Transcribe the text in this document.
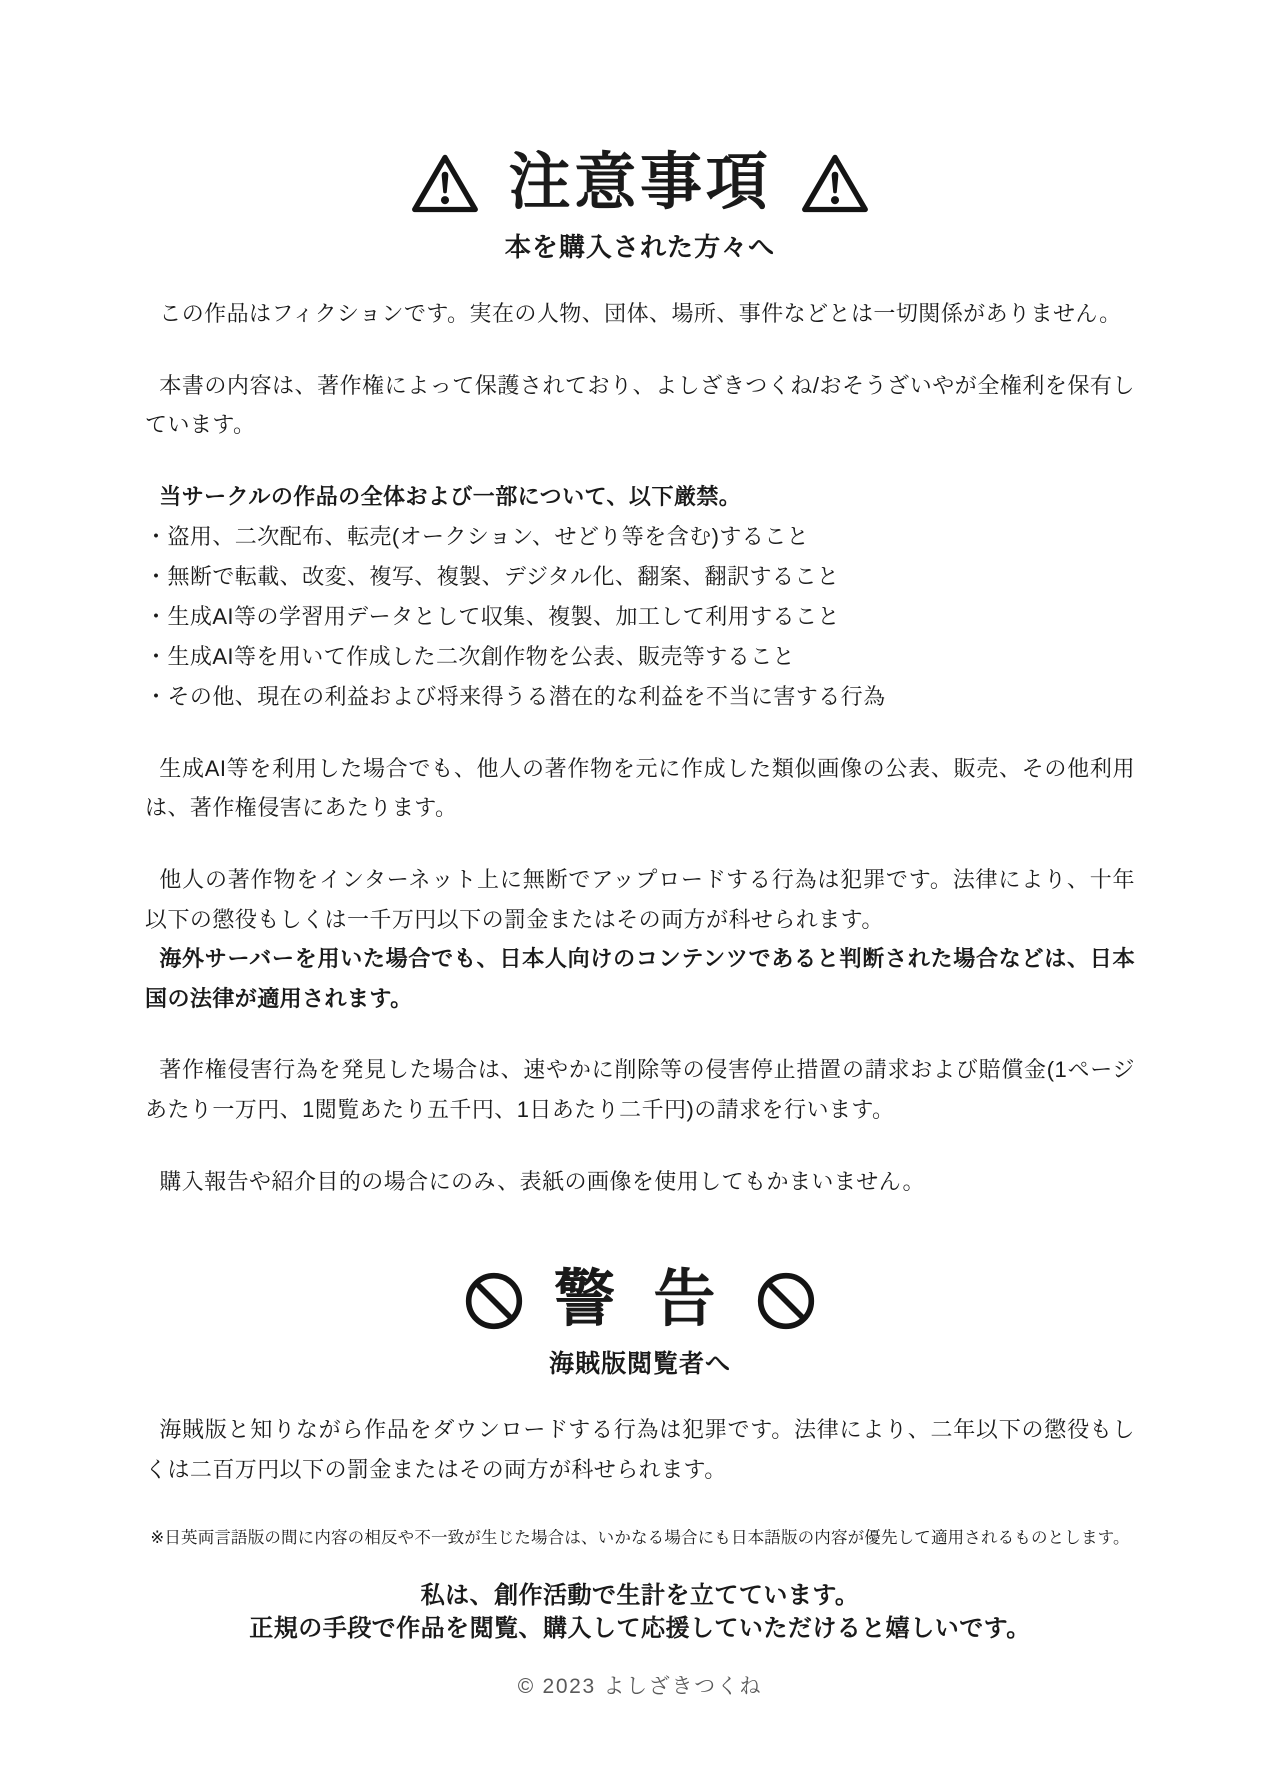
注意事項

本を購入された方々へ

この作品はフィクションです。実在の人物、団体、場所、事件などとは一切関係がありません。

本書の内容は、著作権によって保護されており、よしざきつくね/おそうざいやが全権利を保有しています。

当サークルの作品の全体および一部について、以下厳禁。

・盗用、二次配布、転売(オークション、せどり等を含む)すること
・無断で転載、改変、複写、複製、デジタル化、翻案、翻訳すること
・生成AI等の学習用データとして収集、複製、加工して利用すること
・生成AI等を用いて作成した二次創作物を公表、販売等すること
・その他、現在の利益および将来得うる潜在的な利益を不当に害する行為

生成AI等を利用した場合でも、他人の著作物を元に作成した類似画像の公表、販売、その他利用は、著作権侵害にあたります。

他人の著作物をインターネット上に無断でアップロードする行為は犯罪です。法律により、十年以下の懲役もしくは一千万円以下の罰金またはその両方が科せられます。

海外サーバーを用いた場合でも、日本人向けのコンテンツであると判断された場合などは、日本国の法律が適用されます。

著作権侵害行為を発見した場合は、速やかに削除等の侵害停止措置の請求および賠償金(1ページあたり一万円、1閲覧あたり五千円、1日あたり二千円)の請求を行います。

購入報告や紹介目的の場合にのみ、表紙の画像を使用してもかまいません。

警 告

海賊版閲覧者へ

海賊版と知りながら作品をダウンロードする行為は犯罪です。法律により、二年以下の懲役もしくは二百万円以下の罰金またはその両方が科せられます。

※日英両言語版の間に内容の相反や不一致が生じた場合は、いかなる場合にも日本語版の内容が優先して適用されるものとします。

私は、創作活動で生計を立てています。
正規の手段で作品を閲覧、購入して応援していただけると嬉しいです。

© 2023 よしざきつくね
